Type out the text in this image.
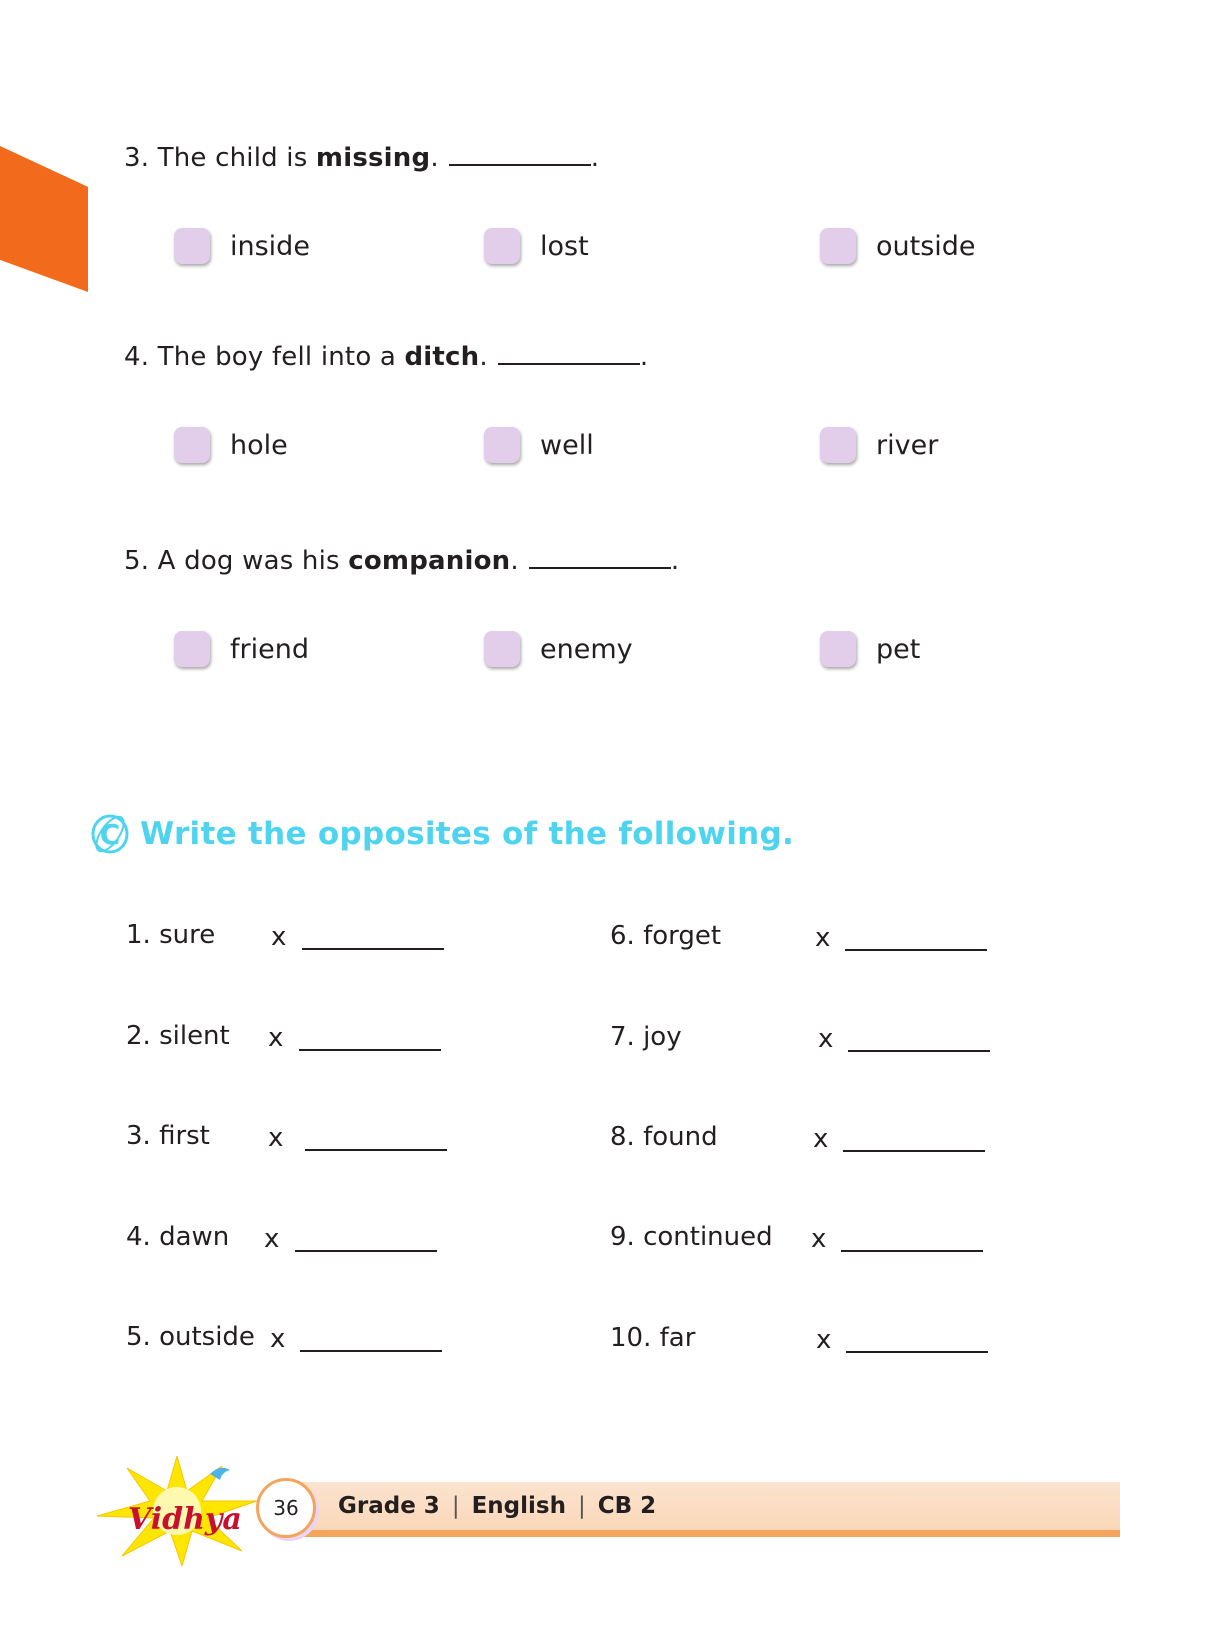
3. The child is missing.	.
inside	lost	outside
4. The boy fell into a ditch.	.
hole	well	river
5. A dog was his companion.	.
friend	enemy	pet
C Write the opposites of the following.
1. sure x
2. silent x
3. first x
4. dawn x
5. outside x
6. forget	x
7. joy	x
8. found	x
9. continued x
10. far	x
Vidhya	36	Grade 3 | English | CB 2
